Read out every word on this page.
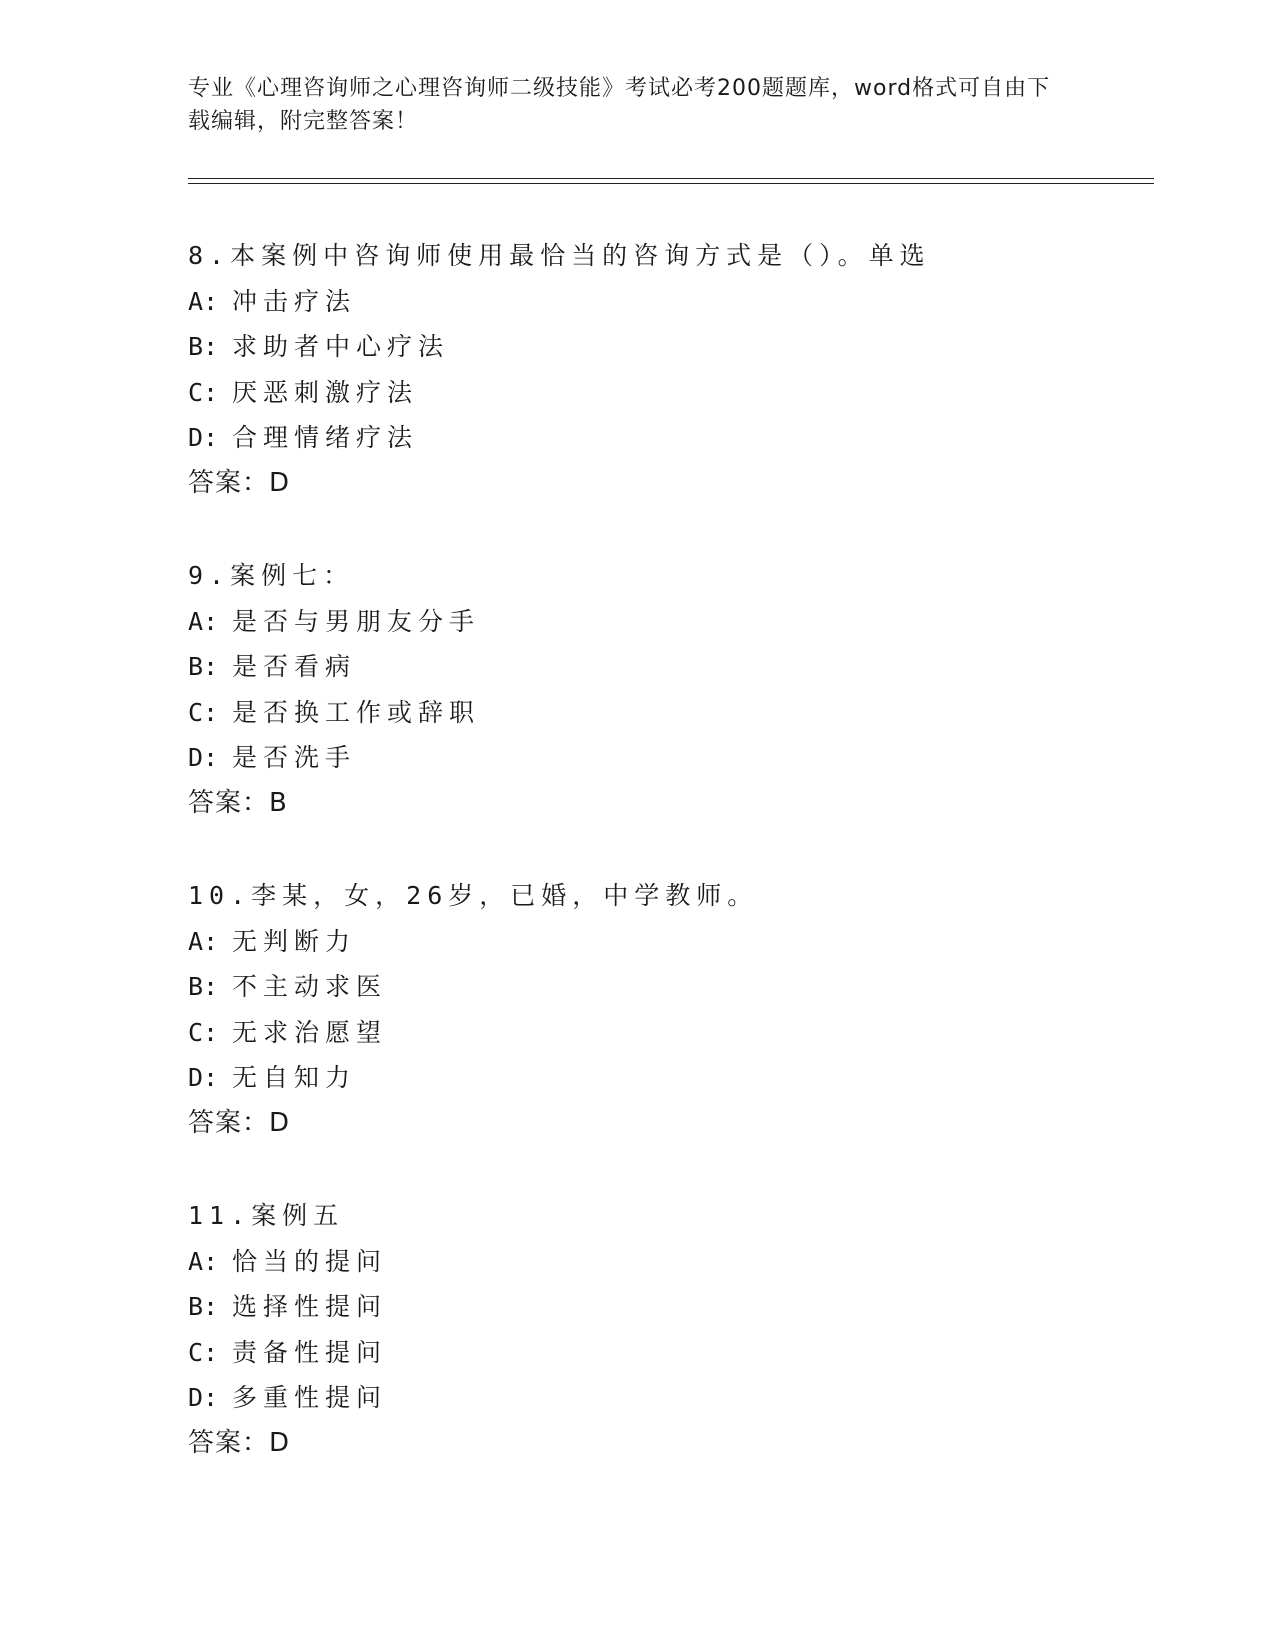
专业《心理咨询师之心理咨询师二级技能》考试必考200题题库，word格式可自由下载编辑，附完整答案！
8.本案例中咨询师使用最恰当的咨询方式是（）。单选
A: 冲击疗法
B: 求助者中心疗法
C: 厌恶刺激疗法
D: 合理情绪疗法
答案：D
9.案例七：
A: 是否与男朋友分手
B: 是否看病
C: 是否换工作或辞职
D: 是否洗手
答案：B
10.李某，女，26岁，已婚，中学教师。
A: 无判断力
B: 不主动求医
C: 无求治愿望
D: 无自知力
答案：D
11.案例五
A: 恰当的提问
B: 选择性提问
C: 责备性提问
D: 多重性提问
答案：D
